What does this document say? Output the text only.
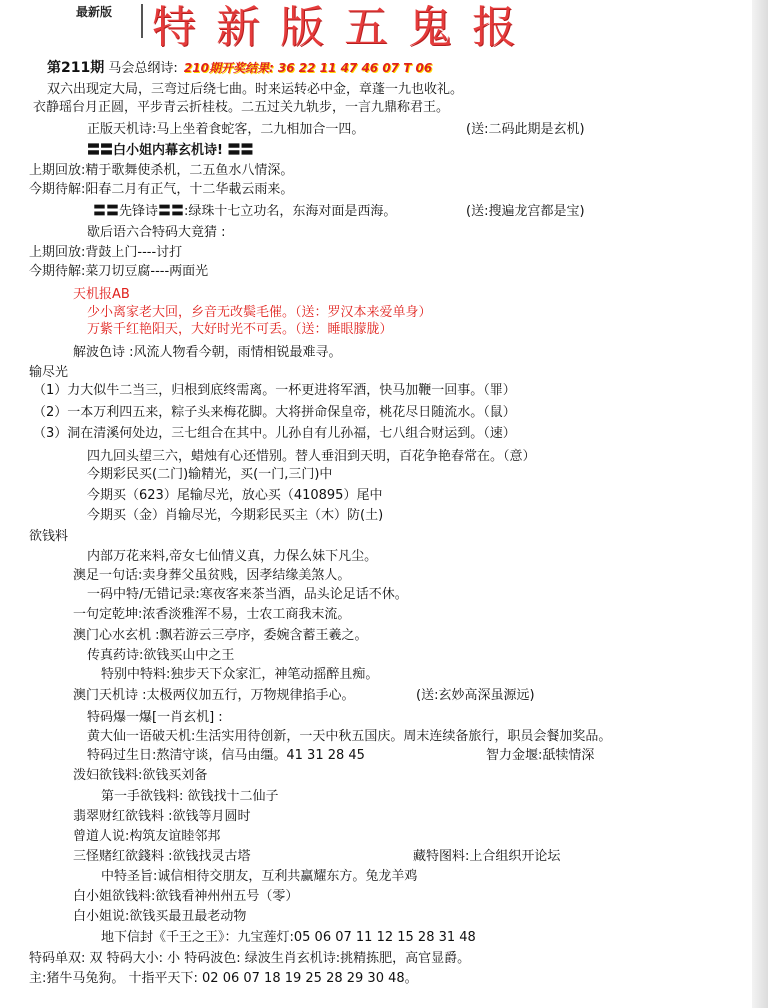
最新版 特新版五鬼报
第211期 马会总纲诗: 210期开奖结果: 36 22 11 47 46 07 T 06
双六出现定大局，三弯过后绕七曲。时来运转必中金，章蓬一九也收礼。
衣静瑶台月正圆，平步青云折桂枝。二五过关九轨步，一言九鼎称君王。
正版天机诗:马上坐着食蛇客，二九相加合一四。	(送:二码此期是玄机)
〓〓白小姐内幕玄机诗! 〓〓
上期回放:精于歌舞使杀机，二五鱼水八情深。
今期待解:阳春二月有正气，十二华載云雨来。
〓〓先锋诗〓〓:绿珠十七立功名，东海对面是西海。	(送:搜遍龙宫都是宝)
歇后语六合特码大竟猜 :
上期回放:背鼓上门----讨打
今期待解:菜刀切豆腐----两面光
天机报AB
少小离家老大回，乡音无改鬓毛催。（送：罗汉本来爱单身）
万紫千红艳阳天，大好时光不可丢。（送：睡眼朦胧）
解波色诗 :风流人物看今朝，雨情相锐最难寻。
输尽光
（1）力大似牛二当三，归根到底终需离。一杯更进将军酒，快马加鞭一回事。（罪）
（2）一本万利四五来，粽子头来梅花脚。大将拼命保皇帝，桃花尽日随流水。（鼠）
（3）洞在清溪何处边，三七组合在其中。儿孙自有儿孙福，七八组合财运到。（速）
四九回头望三六，蜡烛有心还惜别。替人垂泪到天明，百花争艳春常在。（意）
今期彩民买(二门)输精光，买(一门,三门)中
今期买（623）尾输尽光，放心买（410895）尾中
今期买（金）肖输尽光，今期彩民买主（木）防(土)
欲钱料
内部万花来料,帝女七仙情义真，力保么妹下凡尘。
澳足一句话:卖身葬父虽贫贱，因孝结缘美煞人。
一码中特/无错记录:寒夜客来茶当酒，品头论足话不休。
一句定乾坤:浓香淡雅浑不易，士农工商我末流。
澳门心水玄机 :飘若游云三亭序，委婉含蓄王羲之。
传真药诗:欲钱买山中之王
特别中特料:独步天下众家汇，神笔动摇醉且痴。
澳门天机诗 :太极两仪加五行，万物规律掐手心。	(送:玄妙高深虽源远)
特码爆一爆[一肖玄机] :
黄大仙一语破天机:生活实用待创新，一天中秋五国庆。周末连续备旅行，职员会餐加奖品。
特码过生日:熬清守谈，信马由缰。41 31 28 45	智力金堰:舐犊情深
泼妇欲钱料:欲钱买刘备
第一手欲钱料: 欲钱找十二仙子
翡翠财红欲钱料 :欲钱等月圆时
曾道人说:构筑友谊睦邻邦
三怪赌红欲錢料 :欲钱找灵古塔	藏特图料:上合组织开论坛
中特圣旨:诚信相待交朋友，互利共赢耀东方。兔龙羊鸡
白小姐欲钱料:欲钱看神州州五号（零）
白小姐说:欲钱买最丑最老动物
地下信封《千王之王》：九宝莲灯:05 06 07 11 12 15 28 31 48
特码单双: 双 特码大小: 小 特码波色: 绿波生肖玄机诗:挑精拣肥，高官显爵。
主:猪牛马兔狗。 十指平天下: 02 06 07 18 19 25 28 29 30 48。
